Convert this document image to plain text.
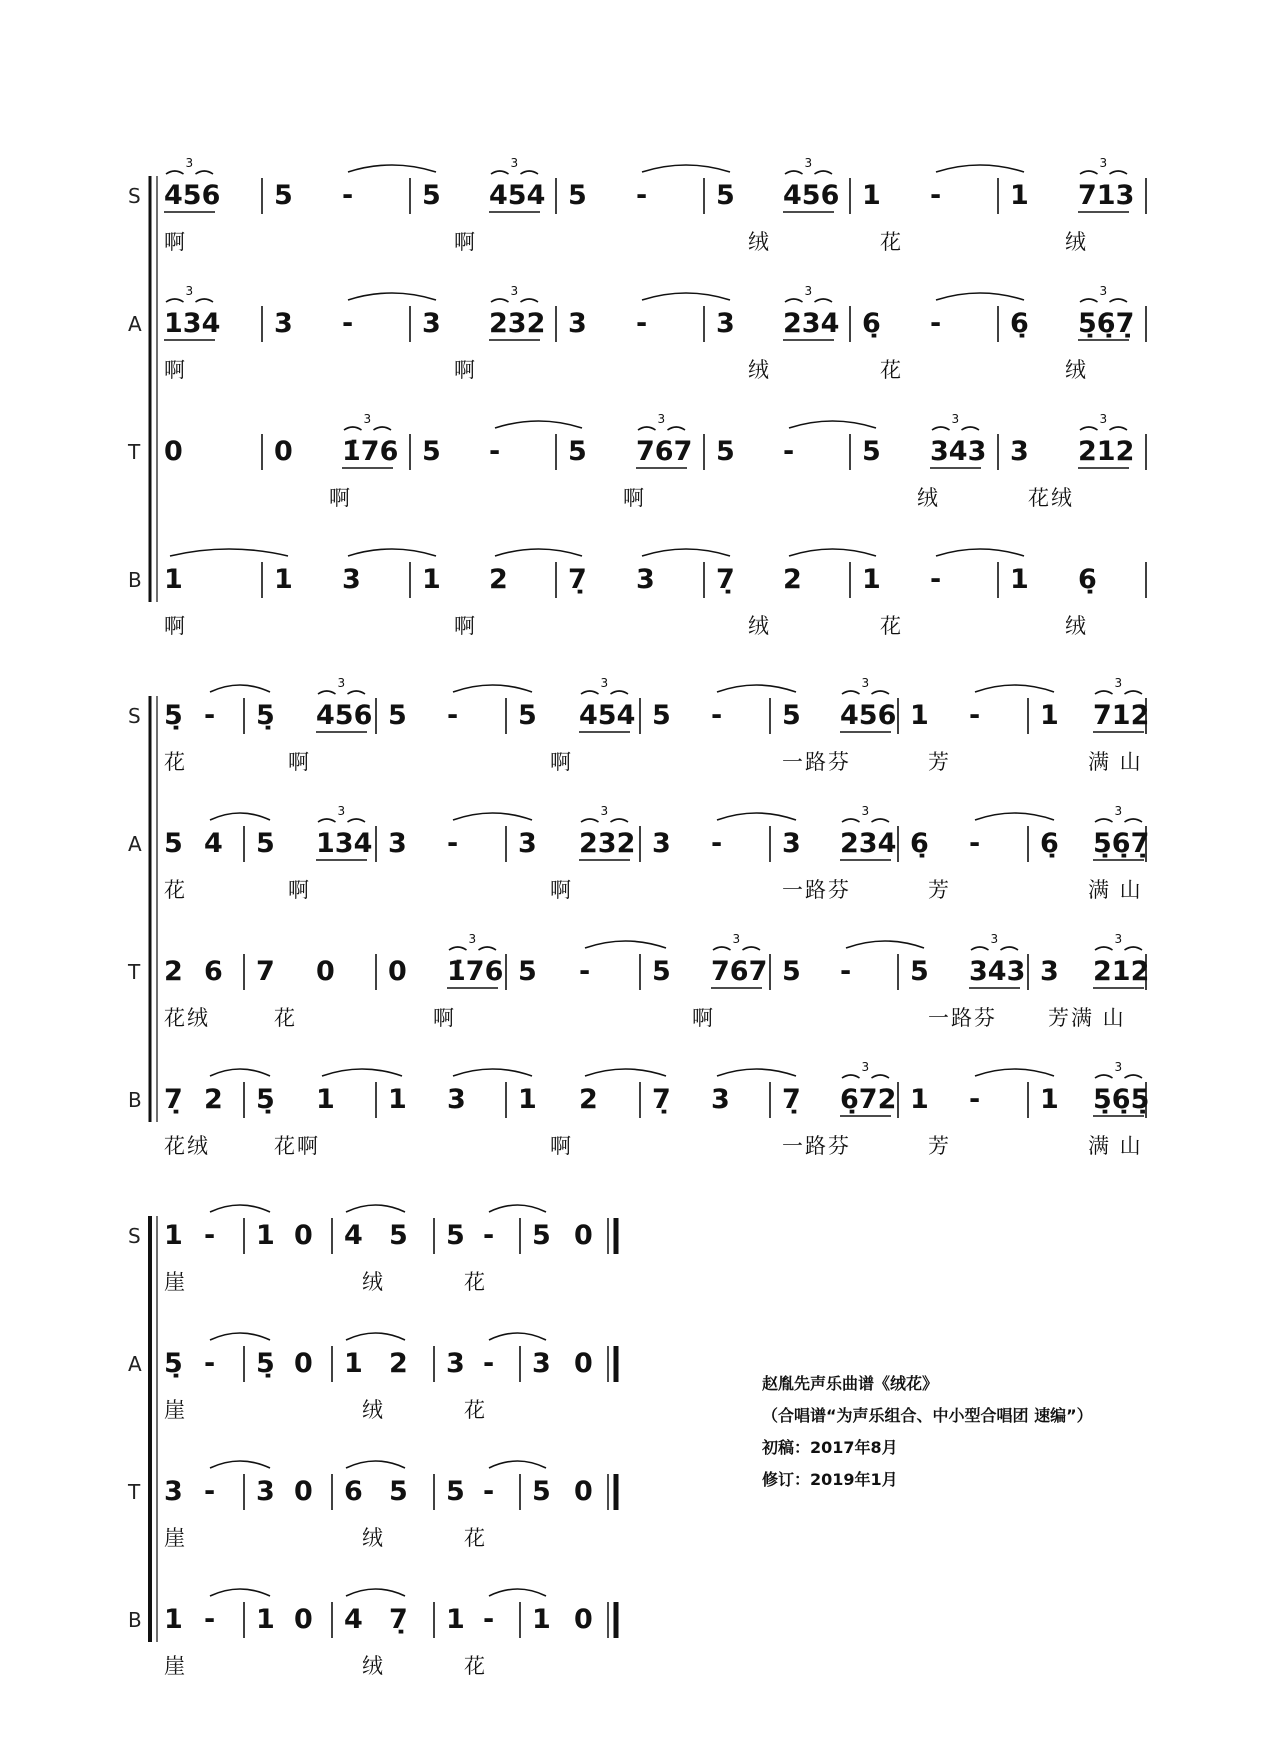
S 456
3
5 -	5 454
3
5 -	5 456
3
1 -	1 713
3
啊	啊	绒	花	绒
A 134
3
3 -	3 232
3
3 -	3 234
3
6̣ -	6̣ 5̣6̣7̣
3
啊	啊	绒	花	绒
T 0	0 1̇76
3
5 -	5 767
3
5 -	5 343
3
3 212
3
啊	啊	绒	花绒
B 1	1 3 1 2 7̣ 3 7̣ 2 1 -	1 6̣
啊	啊	绒	花	绒
S 5̣ - 5̣ 456
3
5 - 5 454
3
5 - 5 456
3
1 - 1 712
3
花	啊	啊	一路芬	芳	满 山
A 5 4 5 134
3
3 - 3 232
3
3 - 3 234
3
6̣ - 6̣ 5̣6̣7̣
3
花	啊	啊	一路芬	芳	满 山
T 2 6 7 0 0 1̇76
3
5 - 5 767
3
5 - 5 343
3
3 212
3
花绒	花	啊	啊	一路芬 芳满 山
B 7̣ 2 5̣ 1 1 3 1 2 7̣ 3 7̣ 6̣72
3
1 - 1 5̣6̣5̣
3
花绒	花啊	啊	一路芬	芳	满 山
S 1 - 1 0 4 5 5 - 5 0
崖	绒	花
A 5̣ - 5̣ 0 1 2 3 - 3 0
崖	绒	花
T 3 - 3 0 6 5 5 - 5 0
崖	绒	花
B 1 - 1 0 4 7̣ 1 - 1 0
崖	绒	花
赵胤先声乐曲谱《绒花》
（合唱谱“为声乐组合、中小型合唱团 速编”）
初稿：2017年8月
修订：2019年1月
